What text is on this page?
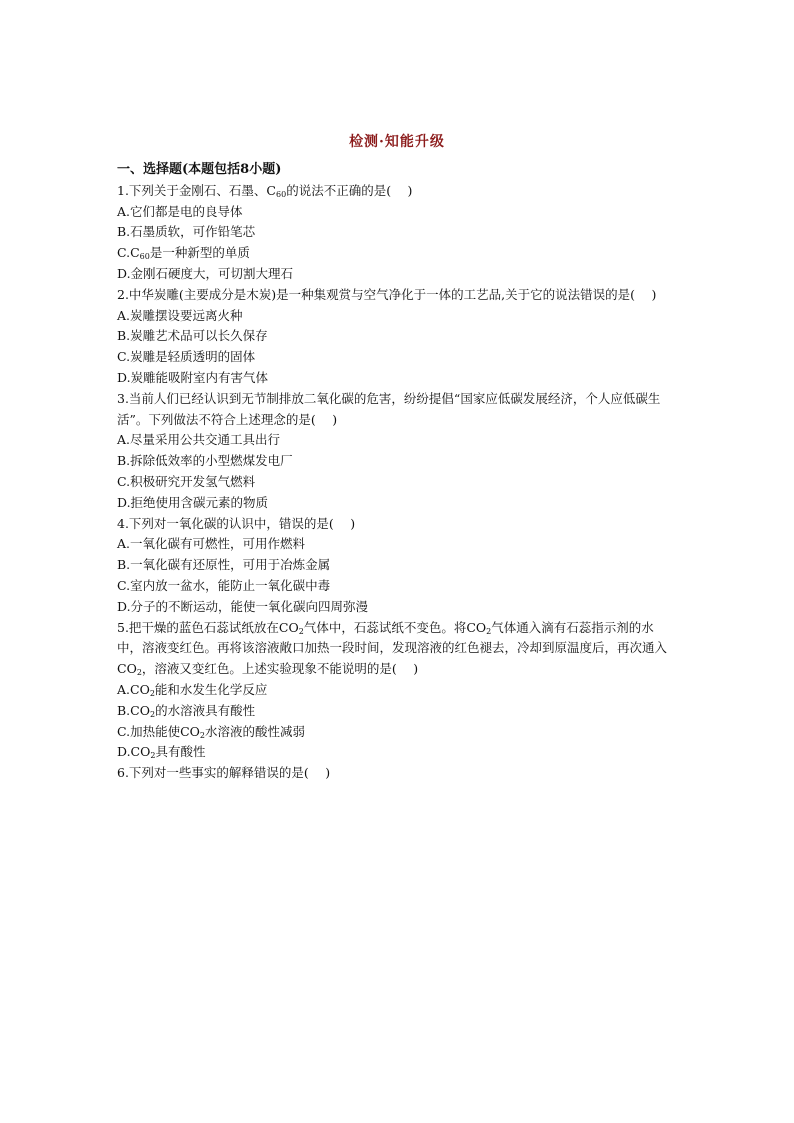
检测·知能升级
一、选择题(本题包括8小题)
1.下列关于金刚石、石墨、$C_{60}$的说法不正确的是(　 )
A.它们都是电的良导体
B.石墨质软，可作铅笔芯
$C.C_{60}$是一种新型的单质
D.金刚石硬度大，可切割大理石
2.中华炭雕(主要成分是木炭)是一种集观赏与空气净化于一体的工艺品,关于它的说法错误的是(　 )
A.炭雕摆设要远离火种
B.炭雕艺术品可以长久保存
C.炭雕是轻质透明的固体
D.炭雕能吸附室内有害气体
3.当前人们已经认识到无节制排放二氧化碳的危害，纷纷提倡“国家应低碳发展经济，个人应低碳生活”。下列做法不符合上述理念的是(　 )
A.尽量采用公共交通工具出行
B.拆除低效率的小型燃煤发电厂
C.积极研究开发氢气燃料
D.拒绝使用含碳元素的物质
4.下列对一氧化碳的认识中，错误的是(　 )
A.一氧化碳有可燃性，可用作燃料
B.一氧化碳有还原性，可用于冶炼金属
C.室内放一盆水，能防止一氧化碳中毒
D.分子的不断运动，能使一氧化碳向四周弥漫
5.把干燥的蓝色石蕊试纸放在$CO_2$气体中，石蕊试纸不变色。将$CO_2$气体通入滴有石蕊指示剂的水中，溶液变红色。再将该溶液敞口加热一段时间，发现溶液的红色褪去，冷却到原温度后，再次通入$CO_2$，溶液又变红色。上述实验现象不能说明的是(　 )
$A.CO_2$能和水发生化学反应
$B.CO_2$的水溶液具有酸性
C.加热能使$CO_2$水溶液的酸性减弱
$D.CO_2$具有酸性
6.下列对一些事实的解释错误的是(　 )
